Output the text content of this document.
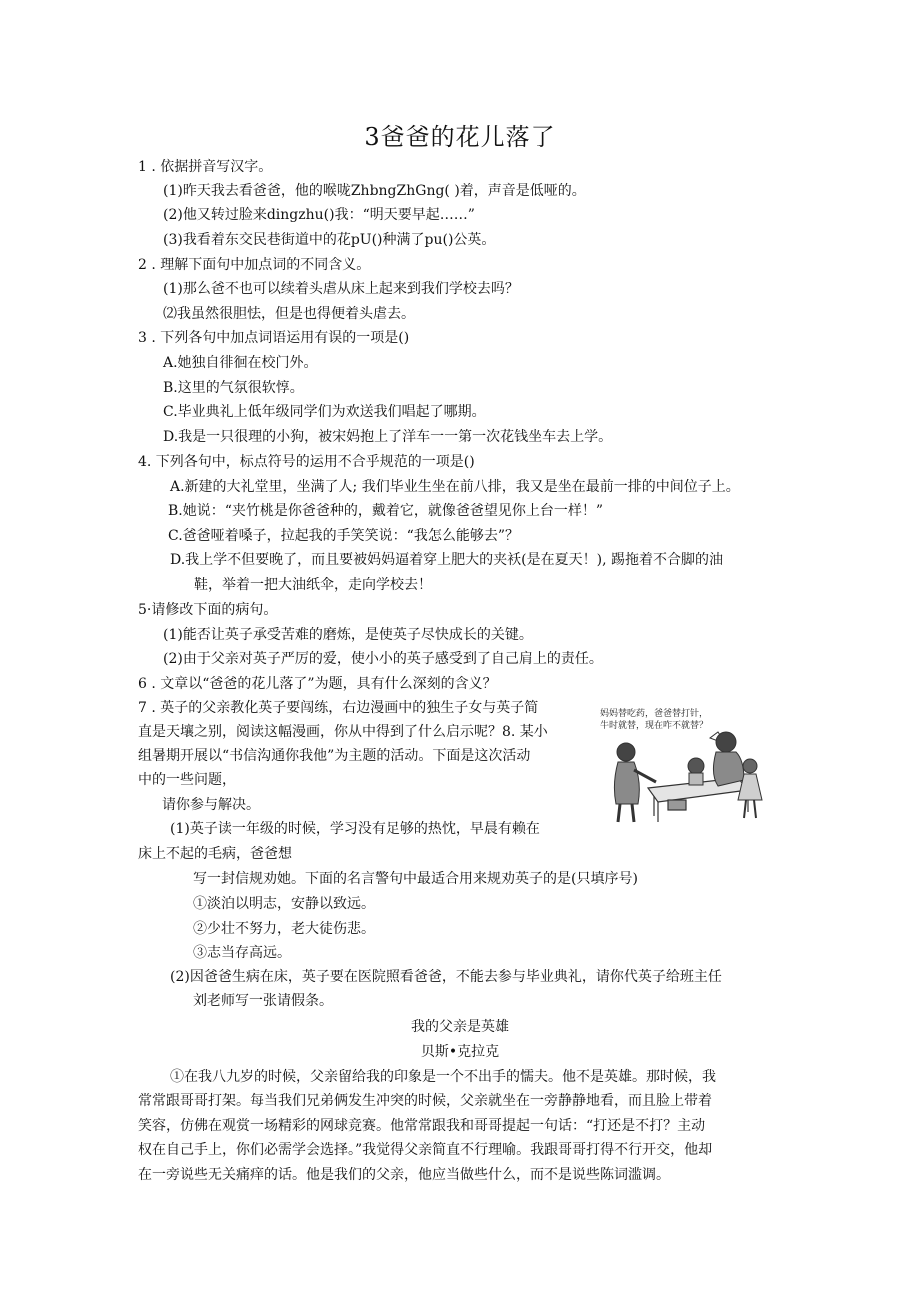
3爸爸的花儿落了
1 . 依据拼音写汉字。
(1)昨天我去看爸爸，他的喉咙ZhbngZhGng( )着，声音是低哑的。
(2)他又转过脸来dingzhu()我：“明天要早起……”
(3)我看着东交民巷街道中的花pU()种满了pu()公英。
2 . 理解下面句中加点词的不同含义。
(1)那么爸不也可以续着头虐从床上起来到我们学校去吗？
⑵我虽然很胆怯，但是也得便着头虐去。
3 . 下列各句中加点词语运用有误的一项是()
A.她独自徘徊在校门外。
B.这里的气氛很软惇。
C.毕业典礼上低年级同学们为欢送我们唱起了哪期。
D.我是一只很理的小狗，被宋妈抱上了洋车一一第一次花钱坐车去上学。
4. 下列各句中，标点符号的运用不合乎规范的一项是()
A.新建的大礼堂里，坐满了人; 我们毕业生坐在前八排，我又是坐在最前一排的中间位子上。
B.她说：“夹竹桃是你爸爸种的，戴着它，就像爸爸望见你上台一样！”
C.爸爸哑着嗓子，拉起我的手笑笑说：“我怎么能够去”？
D.我上学不但要晚了，而且要被妈妈逼着穿上肥大的夹袄(是在夏天！), 踢拖着不合脚的油
鞋，举着一把大油纸伞，走向学校去！
5·请修改下面的病句。
(1)能否让英子承受苦难的磨炼，是使英子尽快成长的关键。
(2)由于父亲对英子严厉的爱，使小小的英子感受到了自己肩上的责任。
6 . 文章以“爸爸的花儿落了”为题，具有什么深刻的含义？
7 . 英子的父亲教化英子要闯练，右边漫画中的独生子女与英子简
直是天壤之别，阅读这幅漫画，你从中得到了什么启示呢？8. 某小
组暑期开展以“书信沟通你我他”为主题的活动。下面是这次活动
中的一些问题，
请你参与解决。
(1)英子读一年级的时候，学习没有足够的热忱，早晨有赖在
床上不起的毛病，爸爸想
写一封信规劝她。下面的名言警句中最适合用来规劝英子的是(只填序号)
①淡泊以明志，安静以致远。
②少壮不努力，老大徒伤悲。
③志当存高远。
(2)因爸爸生病在床，英子要在医院照看爸爸，不能去参与毕业典礼，请你代英子给班主任
刘老师写一张请假条。
我的父亲是英雄
贝斯•克拉克
①在我八九岁的时候，父亲留给我的印象是一个不出手的懦夫。他不是英雄。那时候，我
常常跟哥哥打架。每当我们兄弟俩发生冲突的时候，父亲就坐在一旁静静地看，而且脸上带着
笑容，仿佛在观赏一场精彩的网球竞赛。他常常跟我和哥哥提起一句话：“打还是不打？主动
权在自己手上，你们必需学会选择。”我觉得父亲简直不行理喻。我跟哥哥打得不行开交，他却
在一旁说些无关痛痒的话。他是我们的父亲，他应当做些什么，而不是说些陈词滥调。
妈妈替吃药，爸爸替打针，
牛时就替，现在咋不就替？
